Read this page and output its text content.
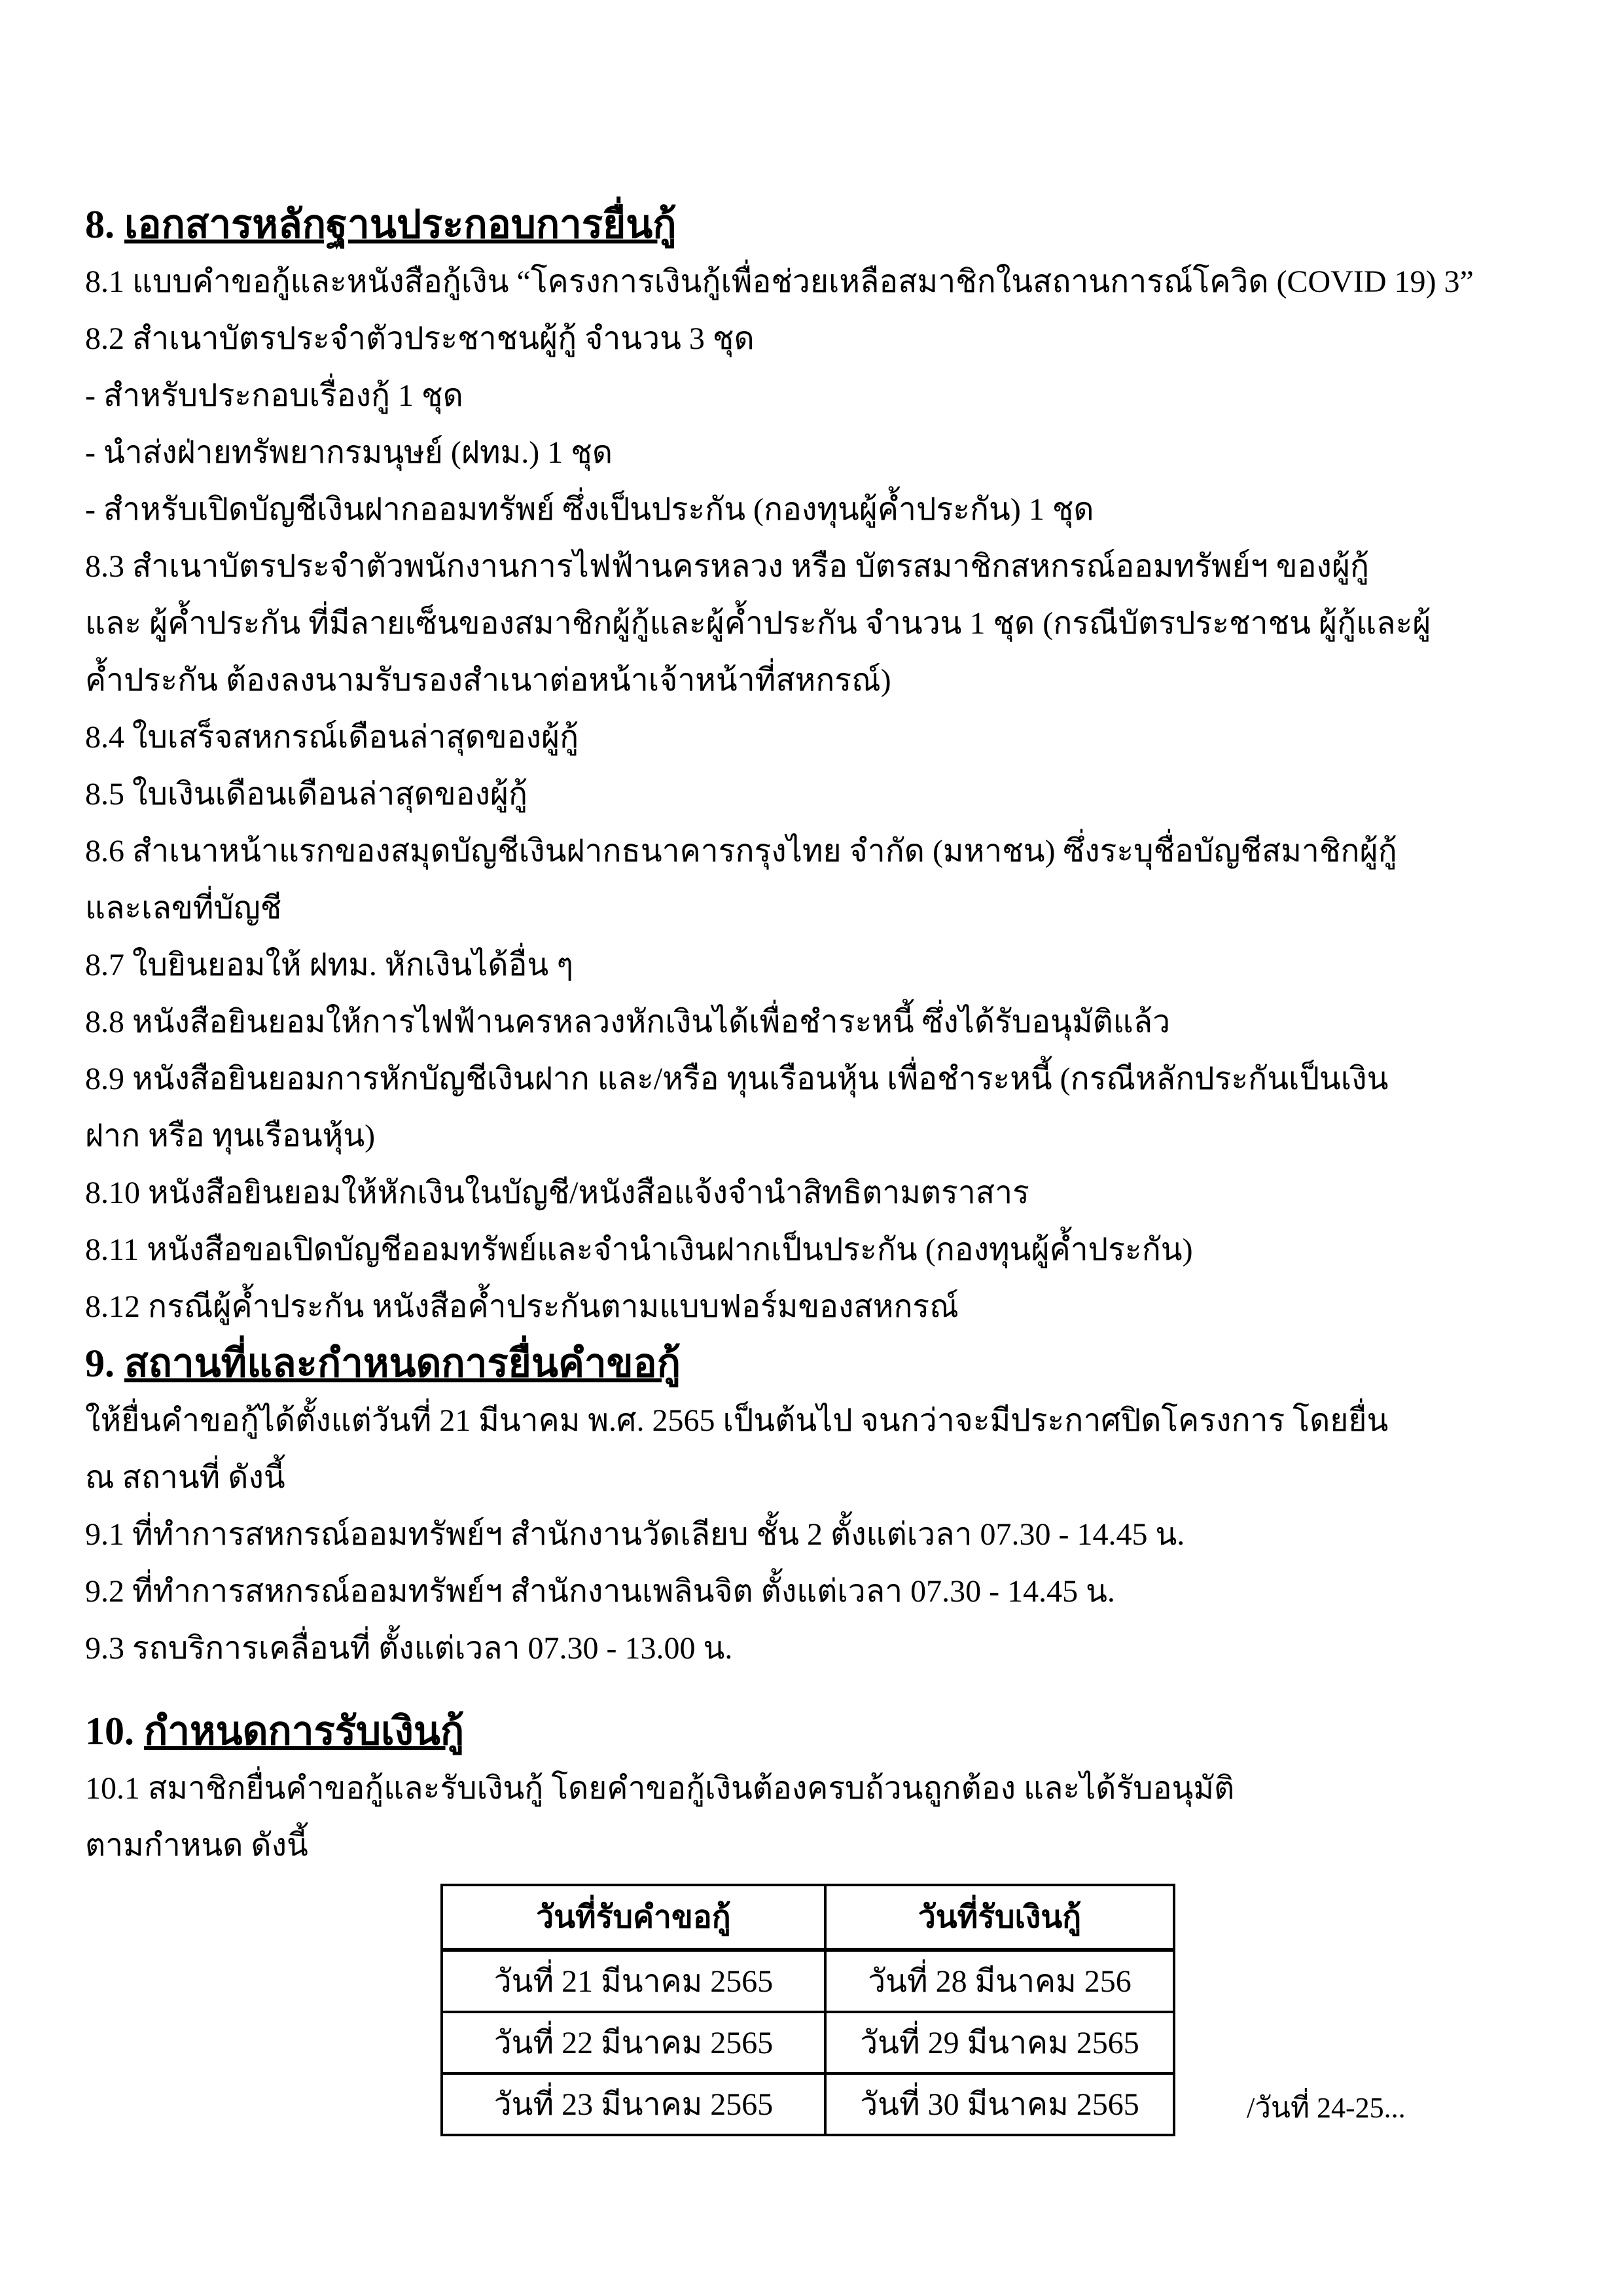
8. เอกสารหลักฐานประกอบการยื่นกู้

8.1 แบบคำขอกู้และหนังสือกู้เงิน “โครงการเงินกู้เพื่อช่วยเหลือสมาชิกในสถานการณ์โควิด (COVID 19) 3”

8.2 สำเนาบัตรประจำตัวประชาชนผู้กู้ จำนวน 3 ชุด

- สำหรับประกอบเรื่องกู้ 1 ชุด

- นำส่งฝ่ายทรัพยากรมนุษย์ (ฝทม.) 1 ชุด

- สำหรับเปิดบัญชีเงินฝากออมทรัพย์ ซึ่งเป็นประกัน (กองทุนผู้ค้ำประกัน) 1 ชุด

8.3 สำเนาบัตรประจำตัวพนักงานการไฟฟ้านครหลวง หรือ บัตรสมาชิกสหกรณ์ออมทรัพย์ฯ ของผู้กู้

และ ผู้ค้ำประกัน ที่มีลายเซ็นของสมาชิกผู้กู้และผู้ค้ำประกัน จำนวน 1 ชุด (กรณีบัตรประชาชน ผู้กู้และผู้

ค้ำประกัน ต้องลงนามรับรองสำเนาต่อหน้าเจ้าหน้าที่สหกรณ์)

8.4 ใบเสร็จสหกรณ์เดือนล่าสุดของผู้กู้

8.5 ใบเงินเดือนเดือนล่าสุดของผู้กู้

8.6 สำเนาหน้าแรกของสมุดบัญชีเงินฝากธนาคารกรุงไทย จำกัด (มหาชน) ซึ่งระบุชื่อบัญชีสมาชิกผู้กู้

และเลขที่บัญชี

8.7 ใบยินยอมให้ ฝทม. หักเงินได้อื่น ๆ

8.8 หนังสือยินยอมให้การไฟฟ้านครหลวงหักเงินได้เพื่อชำระหนี้ ซึ่งได้รับอนุมัติแล้ว

8.9 หนังสือยินยอมการหักบัญชีเงินฝาก และ/หรือ ทุนเรือนหุ้น เพื่อชำระหนี้ (กรณีหลักประกันเป็นเงิน

ฝาก หรือ ทุนเรือนหุ้น)

8.10 หนังสือยินยอมให้หักเงินในบัญชี/หนังสือแจ้งจำนำสิทธิตามตราสาร

8.11 หนังสือขอเปิดบัญชีออมทรัพย์และจำนำเงินฝากเป็นประกัน (กองทุนผู้ค้ำประกัน)

8.12 กรณีผู้ค้ำประกัน หนังสือค้ำประกันตามแบบฟอร์มของสหกรณ์

9. สถานที่และกำหนดการยื่นคำขอกู้

ให้ยื่นคำขอกู้ได้ตั้งแต่วันที่ 21 มีนาคม พ.ศ. 2565 เป็นต้นไป จนกว่าจะมีประกาศปิดโครงการ โดยยื่น

ณ สถานที่ ดังนี้

9.1 ที่ทำการสหกรณ์ออมทรัพย์ฯ สำนักงานวัดเลียบ ชั้น 2 ตั้งแต่เวลา 07.30 - 14.45 น.

9.2 ที่ทำการสหกรณ์ออมทรัพย์ฯ สำนักงานเพลินจิต ตั้งแต่เวลา 07.30 - 14.45 น.

9.3 รถบริการเคลื่อนที่ ตั้งแต่เวลา 07.30 - 13.00 น.

10. กำหนดการรับเงินกู้

10.1 สมาชิกยื่นคำขอกู้และรับเงินกู้ โดยคำขอกู้เงินต้องครบถ้วนถูกต้อง และได้รับอนุมัติ

ตามกำหนด ดังนี้

วันที่รับคำขอกู้	วันที่รับเงินกู้
วันที่ 21 มีนาคม 2565	วันที่ 28 มีนาคม 256
วันที่ 22 มีนาคม 2565	วันที่ 29 มีนาคม 2565
วันที่ 23 มีนาคม 2565	วันที่ 30 มีนาคม 2565	/วันที่ 24-25...
